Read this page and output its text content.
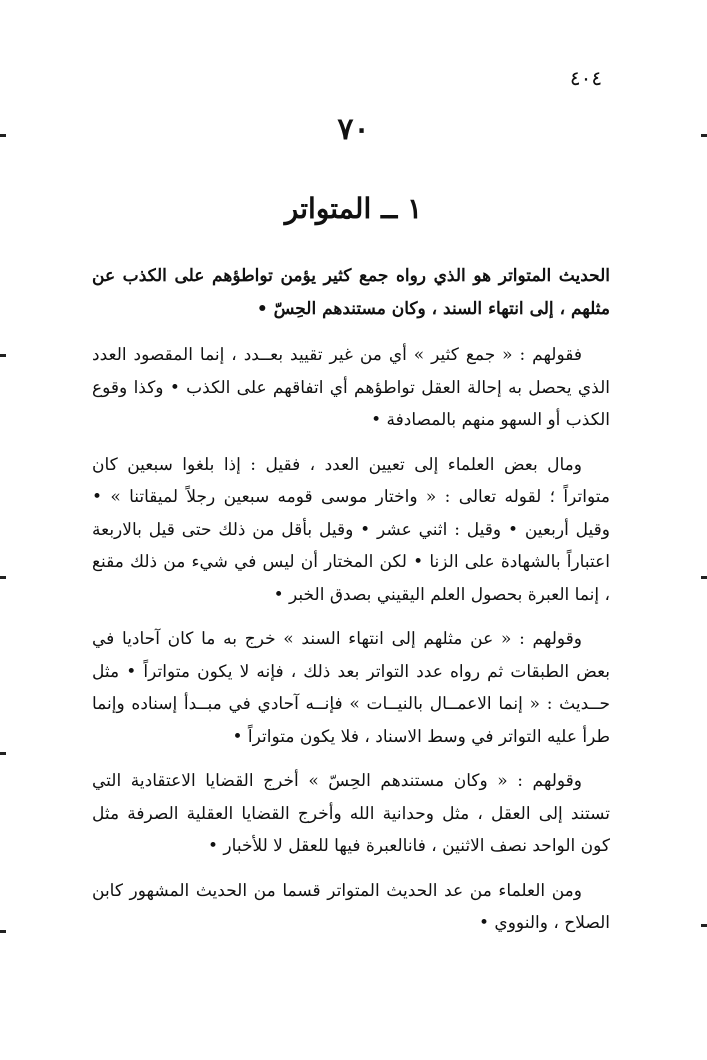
٤٠٤
٧٠
١ ــ المتواتر

الحديث المتواتر هو الذي رواه جمع كثير يؤمن تواطؤهم على الكذب عن مثلهم ، إلى انتهاء السند ، وكان مستندهم الحِسّ •

فقولهم : « جمع كثير » أي من غير تقييد بعــدد ، إنما المقصود العدد الذي يحصل به إحالة العقل تواطؤهم أي اتفاقهم على الكذب • وكذا وقوع الكذب أو السهو منهم بالمصادفة •

ومال بعض العلماء إلى تعيين العدد ، فقيل : إذا بلغوا سبعين كان متواتراً ؛ لقوله تعالى : « واختار موسى قومه سبعين رجلاً لميقاتنا » • وقيل أربعين • وقيل : اثني عشر • وقيل بأقل من ذلك حتى قيل بالاربعة اعتباراً بالشهادة على الزنا • لكن المختار أن ليس في شيء من ذلك مقنع ، إنما العبرة بحصول العلم اليقيني بصدق الخبر •

وقولهم : « عن مثلهم إلى انتهاء السند » خرج به ما كان آحاديا في بعض الطبقات ثم رواه عدد التواتر بعد ذلك ، فإنه لا يكون متواتراً • مثل حــديث : « إنما الاعمــال بالنيــات » فإنــه آحادي في مبــدأ إسناده وإنما طرأ عليه التواتر في وسط الاسناد ، فلا يكون متواتراً •

وقولهم : « وكان مستندهم الحِسّ » أخرج القضايا الاعتقادية التي تستند إلى العقل ، مثل وحدانية الله وأخرج القضايا العقلية الصرفة مثل كون الواحد نصف الاثنين ، فانالعبرة فيها للعقل لا للأخبار •

ومن العلماء من عد الحديث المتواتر قسما من الحديث المشهور كابن الصلاح ، والنووي •
